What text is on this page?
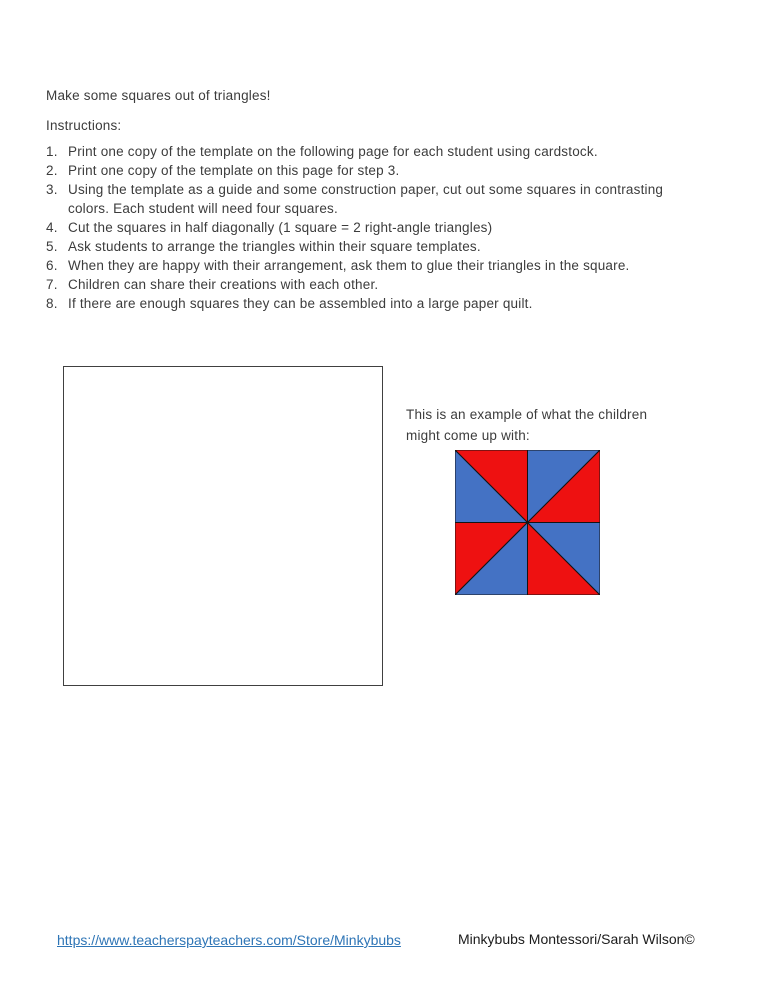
Make some squares out of triangles!
Instructions:
1. Print one copy of the template on the following page for each student using cardstock.
2. Print one copy of the template on this page for step 3.
3. Using the template as a guide and some construction paper, cut out some squares in contrasting colors. Each student will need four squares.
4. Cut the squares in half diagonally (1 square = 2 right-angle triangles)
5. Ask students to arrange the triangles within their square templates.
6. When they are happy with their arrangement, ask them to glue their triangles in the square.
7. Children can share their creations with each other.
8. If there are enough squares they can be assembled into a large paper quilt.
This is an example of what the children might come up with:
https://www.teacherspayteachers.com/Store/Minkybubs	Minkybubs Montessori/Sarah Wilson©
